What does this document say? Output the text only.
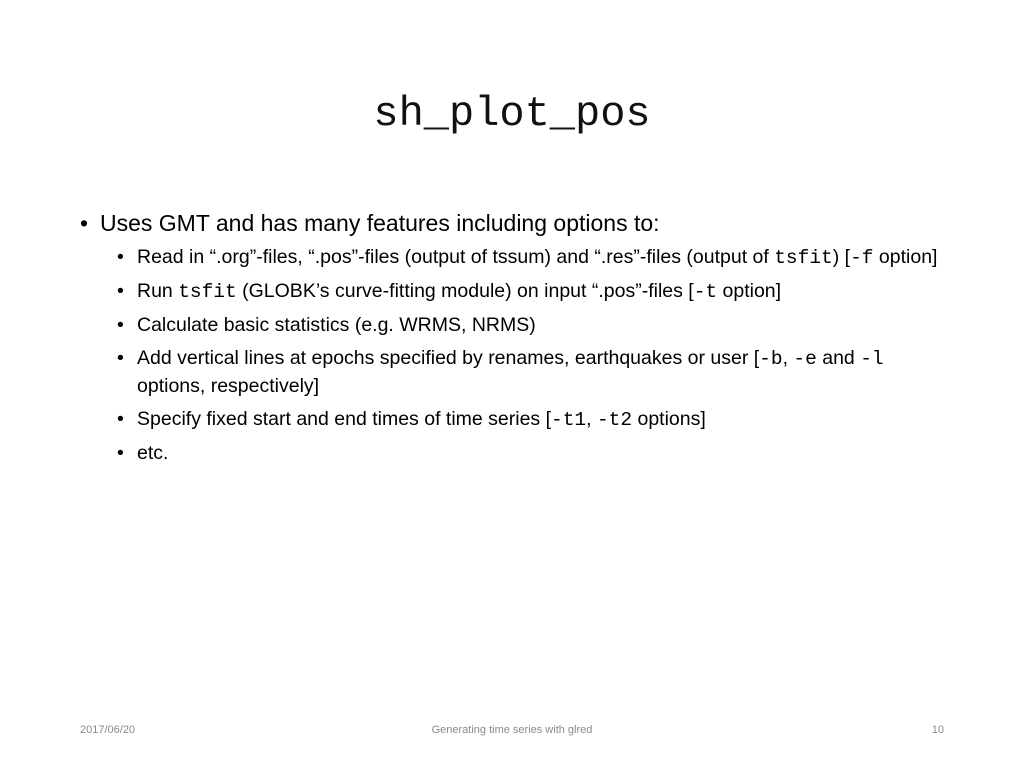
sh_plot_pos
• Uses GMT and has many features including options to:
• Read in “.org”-files, “.pos”-files (output of tssum) and “.res”-files (output of tsfit) [-f option]
• Run tsfit (GLOBK’s curve-fitting module) on input “.pos”-files [-t option]
• Calculate basic statistics (e.g. WRMS, NRMS)
• Add vertical lines at epochs specified by renames, earthquakes or user [-b, -e and -l options, respectively]
• Specify fixed start and end times of time series [-t1, -t2 options]
• etc.
2017/06/20	Generating time series with glred	10
